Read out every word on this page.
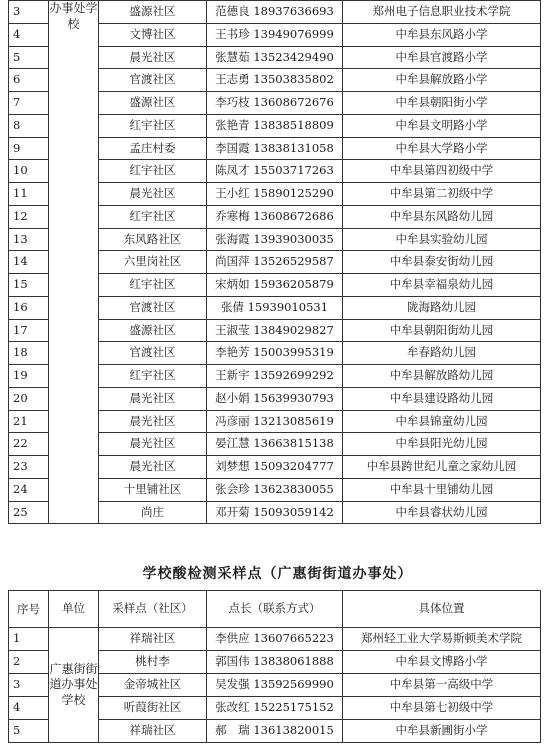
3	办事处学校	盛源社区	范德良 18937636693	郑州电子信息职业技术学院
4		文博社区	王书珍 13949076999	中牟县东风路小学
5		晨光社区	张慧茹 13523429490	中牟县官渡路小学
6		官渡社区	王志勇 13503835802	中牟县解放路小学
7		盛源社区	李巧枝 13608672676	中牟县朝阳街小学
8		红宇社区	张艳青 13838518809	中牟县文明路小学
9		孟庄村委	李国霞 13838131058	中牟县大学路小学
10		红宇社区	陈凤才 15503717263	中牟县第四初级中学
11		晨光社区	王小红 15890125290	中牟县第二初级中学
12		红宇社区	乔寒梅 13608672686	中牟县东风路幼儿园
13		东风路社区	张海霞 13939030035	中牟县实验幼儿园
14		六里岗社区	尚国萍 13526529587	中牟县泰安街幼儿园
15		红宇社区	宋炳如 15936205879	中牟县幸福泉幼儿园
16		官渡社区	张倩 15939010531	陇海路幼儿园
17		盛源社区	王淑莹 13849029827	中牟县朝阳街幼儿园
18		官渡社区	李艳芳 15003995319	牟春路幼儿园
19		红宇社区	王新宇 13592699292	中牟县解放路幼儿园
20		晨光社区	赵小娟 15639930793	中牟县建设路幼儿园
21		晨光社区	冯彦丽 13213085619	中牟县锦童幼儿园
22		晨光社区	晏江慧 13663815138	中牟县阳光幼儿园
23		晨光社区	刘梦想 15093204777	中牟县跨世纪儿童之家幼儿园
24		十里铺社区	张会珍 13623830055	中牟县十里铺幼儿园
25		尚庄	邓开菊 15093059142	中牟县睿状幼儿园
学校酸检测采样点（广惠街街道办事处）
序号	单位	采样点（社区）	点长（联系方式）	具体位置
1	广惠街街道办事处学校	祥瑞社区	李供应 13607665223	郑州轻工业大学易斯顿美术学院
2		桃村李	郭国伟 13838061888	中牟县文博路小学
3		金帝城社区	吴发强 13592569990	中牟县第一高级中学
4		听葭街社区	张改红 15225175152	中牟县第七初级中学
5		祥瑞社区	郝　瑞 13613820015	中牟县新圃街小学
